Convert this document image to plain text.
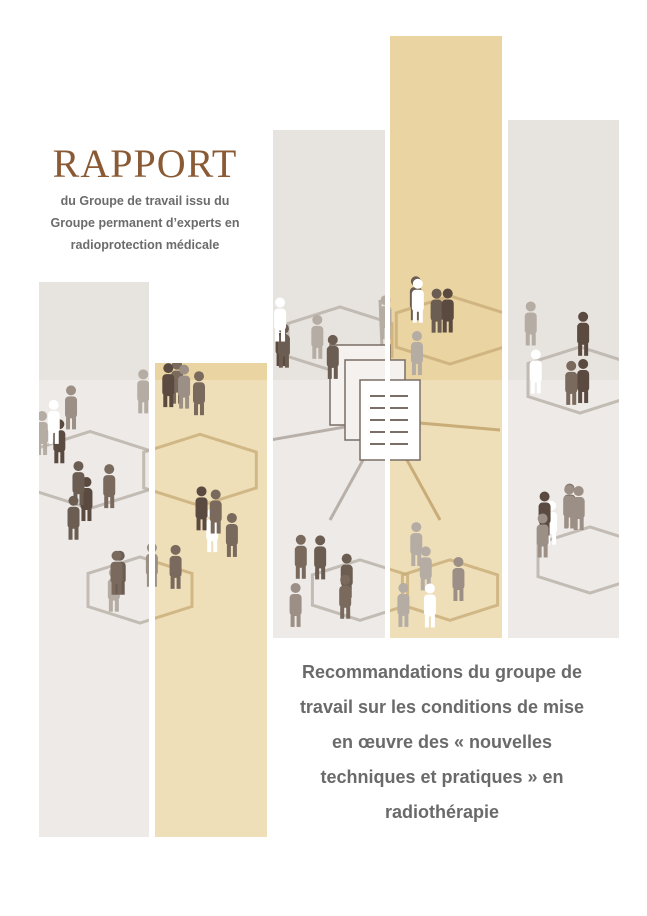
RAPPORT
du Groupe de travail issu du
Groupe permanent d’experts en
radioprotection médicale
Recommandations du groupe de
travail sur les conditions de mise
en œuvre des « nouvelles
techniques et pratiques » en
radiothérapie
